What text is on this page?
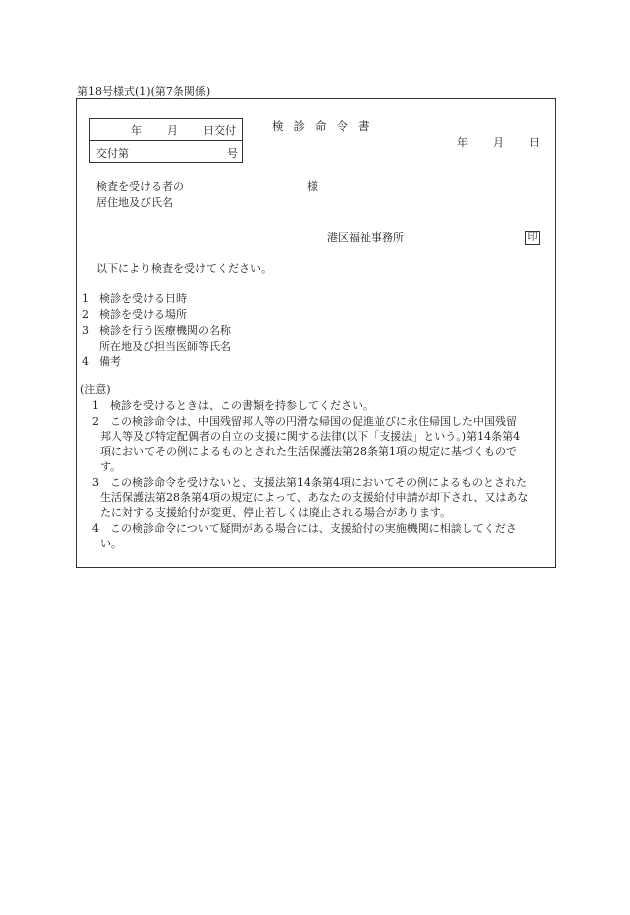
第18号様式(1)(第7条関係)
年 月 日交付
交付第	号
検診命令書
年 月 日
検査を受ける者の
居住地及び氏名
様
港区福祉事務所	印
以下により検査を受けてください。
1 検診を受ける日時
2 検診を受ける場所
3 検診を行う医療機関の名称
所在地及び担当医師等氏名
4 備考

(注意)

1　検診を受けるときは、この書類を持参してください。

2　この検診命令は、中国残留邦人等の円滑な帰国の促進並びに永住帰国した中国残留

邦人等及び特定配偶者の自立の支援に関する法律(以下「支援法」という。)第14条第4

項においてその例によるものとされた生活保護法第28条第1項の規定に基づくもので

す。

3　この検診命令を受けないと、支援法第14条第4項においてその例によるものとされた

生活保護法第28条第4項の規定によって、あなたの支援給付申請が却下され、又はあな

たに対する支援給付が変更、停止若しくは廃止される場合があります。

4　この検診命令について疑問がある場合には、支援給付の実施機関に相談してくださ

い。
